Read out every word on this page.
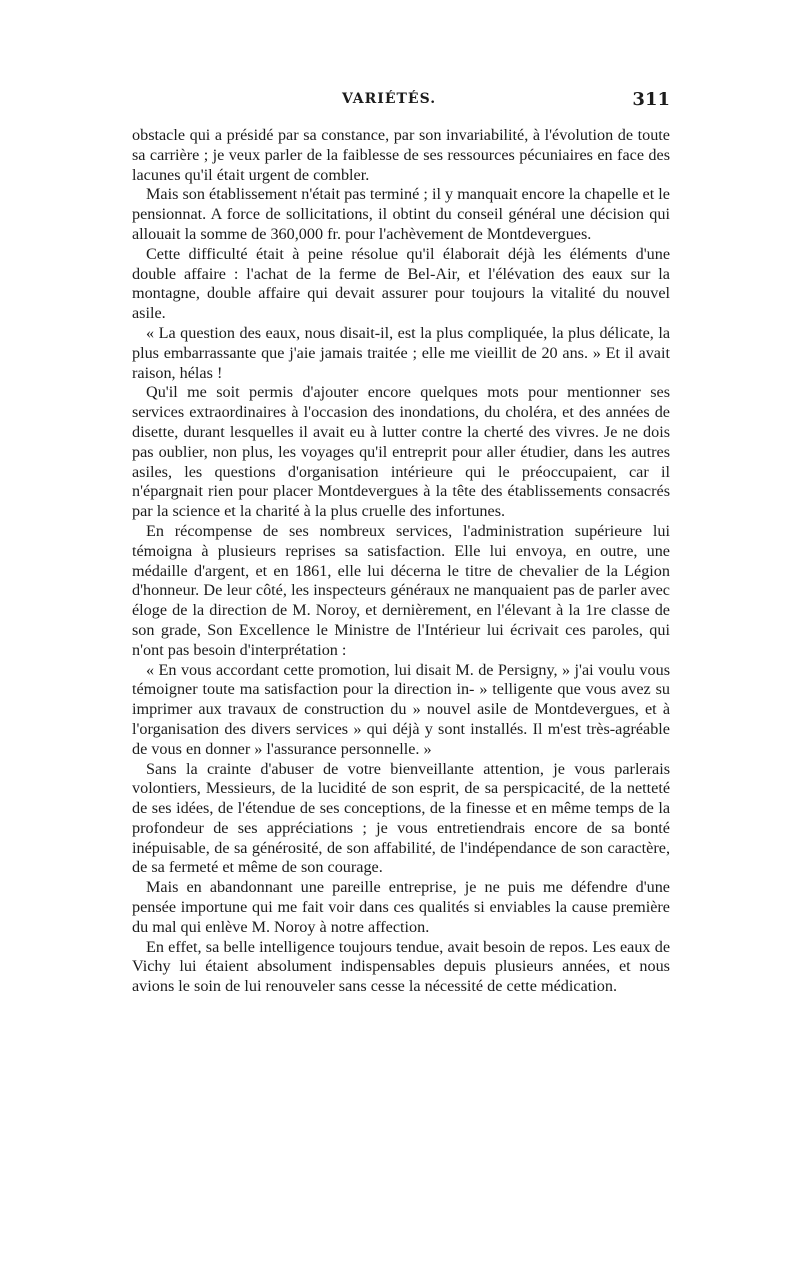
VARIÉTÉS.	311

obstacle qui a présidé par sa constance, par son invariabilité, à l'évolution de toute sa carrière ; je veux parler de la faiblesse de ses ressources pécuniaires en face des lacunes qu'il était urgent de combler.

Mais son établissement n'était pas terminé ; il y manquait encore la chapelle et le pensionnat. A force de sollicitations, il obtint du conseil général une décision qui allouait la somme de 360,000 fr. pour l'achèvement de Montdevergues.

Cette difficulté était à peine résolue qu'il élaborait déjà les éléments d'une double affaire : l'achat de la ferme de Bel-Air, et l'élévation des eaux sur la montagne, double affaire qui devait assurer pour toujours la vitalité du nouvel asile.

« La question des eaux, nous disait-il, est la plus compliquée, la plus délicate, la plus embarrassante que j'aie jamais traitée ; elle me vieillit de 20 ans. » Et il avait raison, hélas !

Qu'il me soit permis d'ajouter encore quelques mots pour mentionner ses services extraordinaires à l'occasion des inondations, du choléra, et des années de disette, durant lesquelles il avait eu à lutter contre la cherté des vivres. Je ne dois pas oublier, non plus, les voyages qu'il entreprit pour aller étudier, dans les autres asiles, les questions d'organisation intérieure qui le préoccupaient, car il n'épargnait rien pour placer Montdevergues à la tête des établissements consacrés par la science et la charité à la plus cruelle des infortunes.

En récompense de ses nombreux services, l'administration supérieure lui témoigna à plusieurs reprises sa satisfaction. Elle lui envoya, en outre, une médaille d'argent, et en 1861, elle lui décerna le titre de chevalier de la Légion d'honneur. De leur côté, les inspecteurs généraux ne manquaient pas de parler avec éloge de la direction de M. Noroy, et dernièrement, en l'élevant à la 1re classe de son grade, Son Excellence le Ministre de l'Intérieur lui écrivait ces paroles, qui n'ont pas besoin d'interprétation :

« En vous accordant cette promotion, lui disait M. de Persigny, » j'ai voulu vous témoigner toute ma satisfaction pour la direction in- » telligente que vous avez su imprimer aux travaux de construction du » nouvel asile de Montdevergues, et à l'organisation des divers services » qui déjà y sont installés. Il m'est très-agréable de vous en donner » l'assurance personnelle. »

Sans la crainte d'abuser de votre bienveillante attention, je vous parlerais volontiers, Messieurs, de la lucidité de son esprit, de sa perspicacité, de la netteté de ses idées, de l'étendue de ses conceptions, de la finesse et en même temps de la profondeur de ses appréciations ; je vous entretiendrais encore de sa bonté inépuisable, de sa générosité, de son affabilité, de l'indépendance de son caractère, de sa fermeté et même de son courage.

Mais en abandonnant une pareille entreprise, je ne puis me défendre d'une pensée importune qui me fait voir dans ces qualités si enviables la cause première du mal qui enlève M. Noroy à notre affection.

En effet, sa belle intelligence toujours tendue, avait besoin de repos. Les eaux de Vichy lui étaient absolument indispensables depuis plusieurs années, et nous avions le soin de lui renouveler sans cesse la nécessité de cette médication.
